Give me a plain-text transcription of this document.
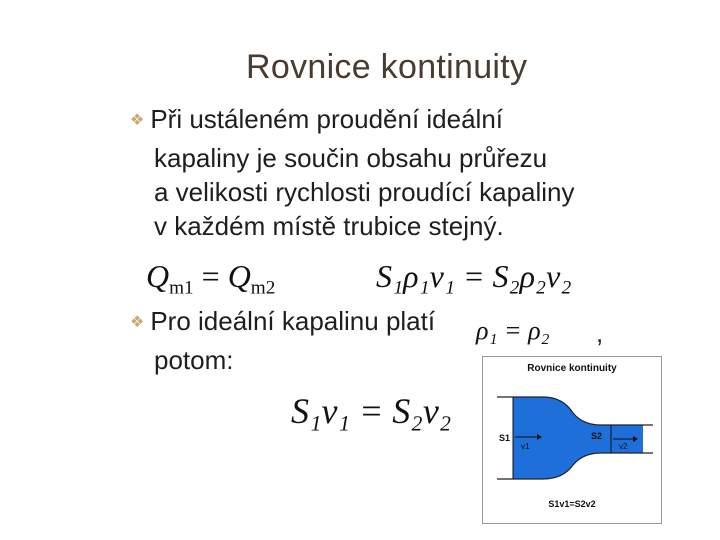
Rovnice kontinuity
❖ Při ustáleném proudění ideální
kapaliny je součin obsahu průřezu
a velikosti rychlosti proudící kapaliny
v každém místě trubice stejný.
$Q_{m1} = Q_{m2}$	S₁ρ₁v₁ = S₂ρ₂v₂
❖ Pro ideální kapalinu platí
potom:
ρ₁ = ρ₂ ,
S₁v₁ = S₂v₂
Rovnice kontinuity
S1
v1
S2
v2
S1v1=S2v2
